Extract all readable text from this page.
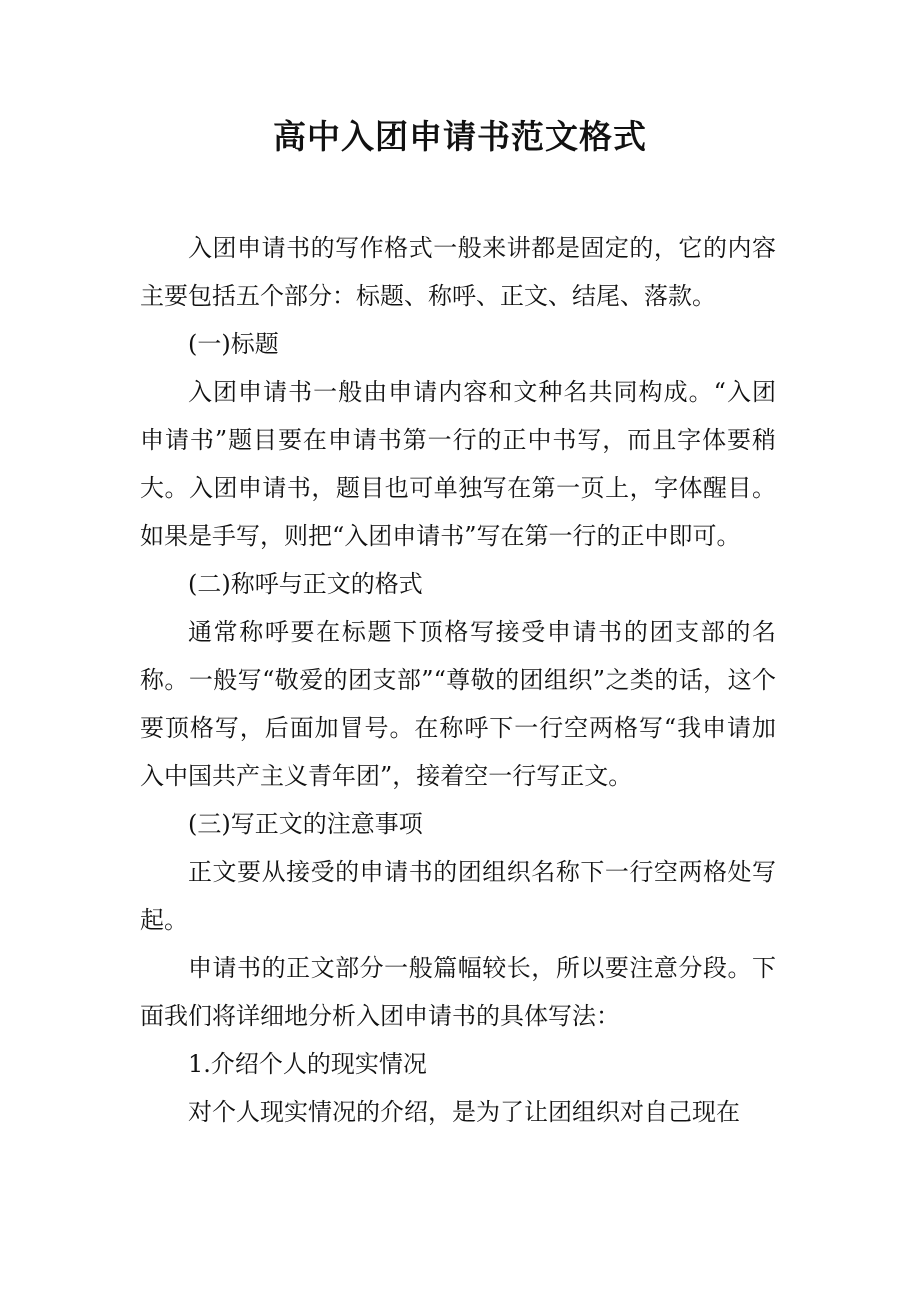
高中入团申请书范文格式

入团申请书的写作格式一般来讲都是固定的，它的内容主要包括五个部分：标题、称呼、正文、结尾、落款。

(一)标题

入团申请书一般由申请内容和文种名共同构成。“入团申请书”题目要在申请书第一行的正中书写，而且字体要稍大。入团申请书，题目也可单独写在第一页上，字体醒目。如果是手写，则把“入团申请书”写在第一行的正中即可。

(二)称呼与正文的格式

通常称呼要在标题下顶格写接受申请书的团支部的名称。一般写“敬爱的团支部”“尊敬的团组织”之类的话，这个要顶格写，后面加冒号。在称呼下一行空两格写“我申请加入中国共产主义青年团”，接着空一行写正文。

(三)写正文的注意事项

正文要从接受的申请书的团组织名称下一行空两格处写起。

申请书的正文部分一般篇幅较长，所以要注意分段。下面我们将详细地分析入团申请书的具体写法：

1.介绍个人的现实情况

对个人现实情况的介绍，是为了让团组织对自己现在
